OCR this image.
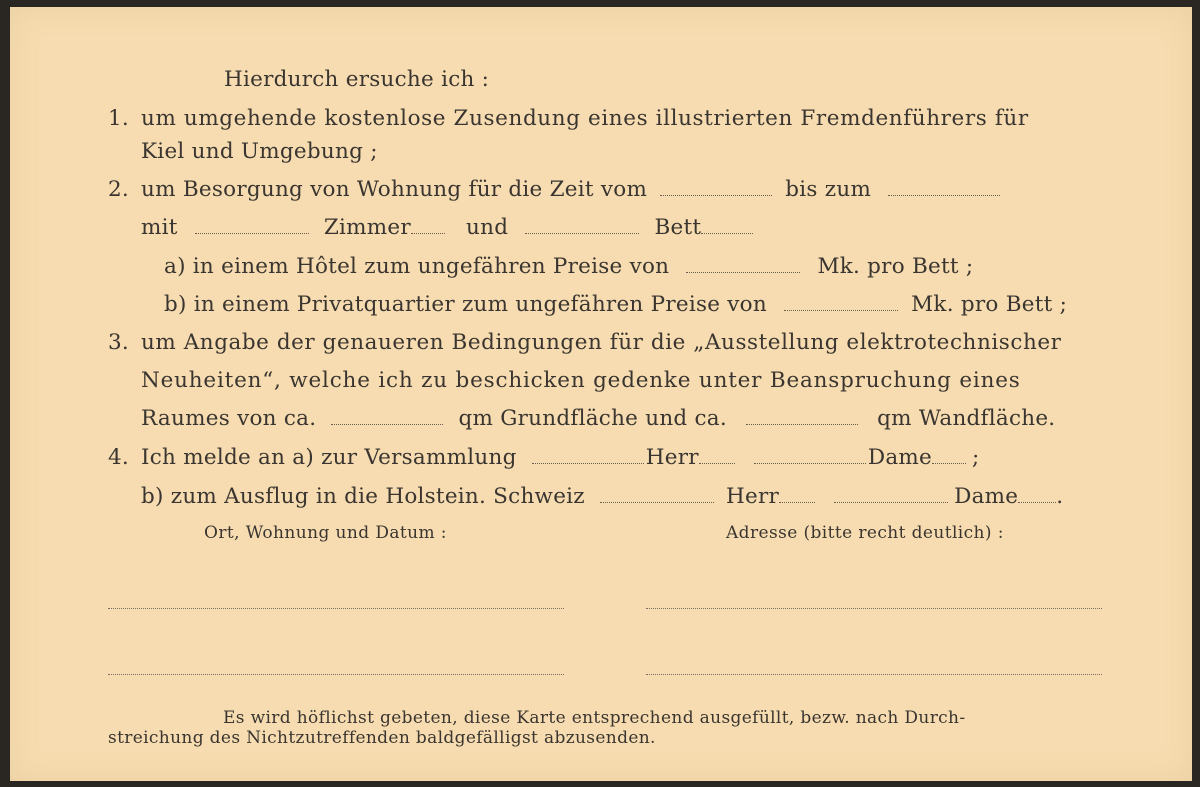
Hierdurch ersuche ich :
1. um umgehende kostenlose Zusendung eines illustrierten Fremdenführers für
Kiel und Umgebung ;
2. um Besorgung von Wohnung für die Zeit vom	bis zum
mit	Zimmer	und	Bett
a) in einem Hôtel zum ungefähren Preise von	Mk. pro Bett ;
b) in einem Privatquartier zum ungefähren Preise von	Mk. pro Bett ;
3. um Angabe der genaueren Bedingungen für die „Ausstellung elektrotechnischer
Neuheiten“, welche ich zu beschicken gedenke unter Beanspruchung eines
Raumes von ca.	qm Grundfläche und ca.	qm Wandfläche.
4. Ich melde an a) zur Versammlung	Herr	Dame ;
b) zum Ausflug in die Holstein. Schweiz	Herr	Dame .
Ort, Wohnung und Datum :	Adresse (bitte recht deutlich) :
Es wird höflichst gebeten, diese Karte entsprechend ausgefüllt, bezw. nach Durch-
streichung des Nichtzutreffenden baldgefälligst abzusenden.
